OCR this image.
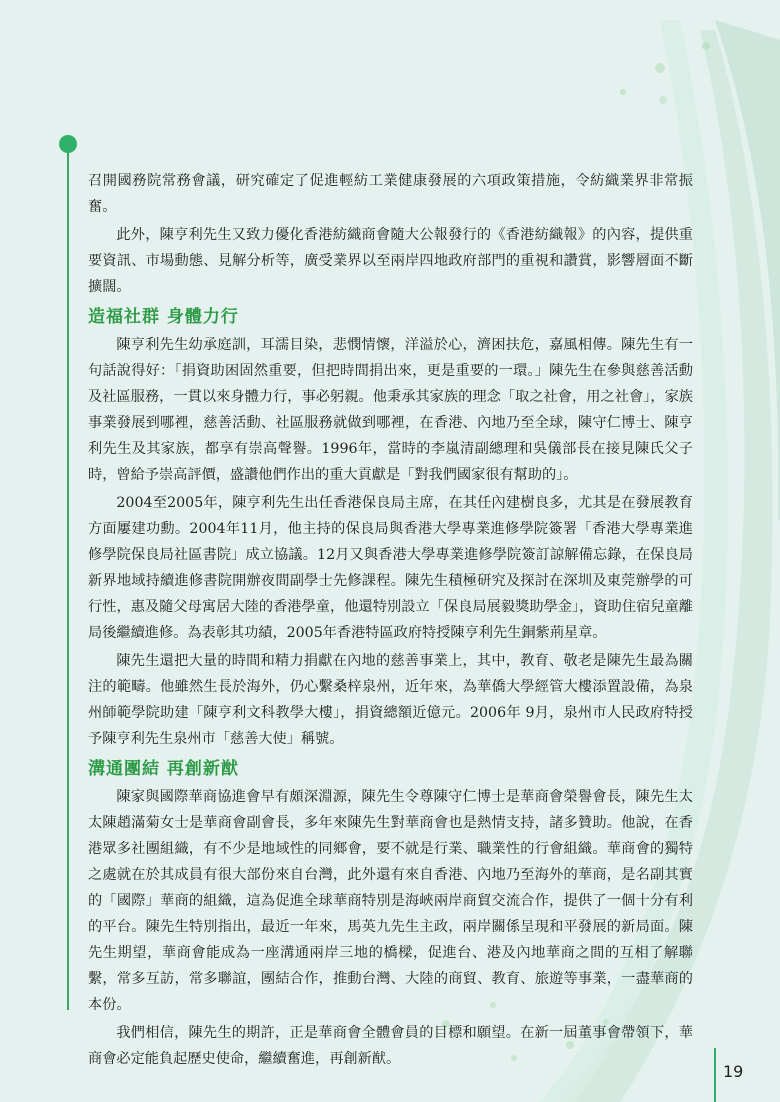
召開國務院常務會議，研究確定了促進輕紡工業健康發展的六項政策措施，令紡織業界非常振奮。

此外，陳亨利先生又致力優化香港紡織商會隨大公報發行的《香港紡織報》的內容，提供重要資訊、市場動態、見解分析等，廣受業界以至兩岸四地政府部門的重視和讚賞，影響層面不斷擴闊。

造福社群 身體力行

陳亨利先生幼承庭訓，耳濡目染，悲憫情懷，洋溢於心，濟困扶危，嘉風相傳。陳先生有一句話說得好：「捐資助困固然重要，但把時間捐出來，更是重要的一環。」陳先生在參與慈善活動及社區服務，一貫以來身體力行，事必躬親。他秉承其家族的理念「取之社會，用之社會」，家族事業發展到哪裡，慈善活動、社區服務就做到哪裡，在香港、內地乃至全球，陳守仁博士、陳亨利先生及其家族，都享有崇高聲譽。1996年，當時的李嵐清副總理和吳儀部長在接見陳氏父子時，曾給予崇高評價，盛讚他們作出的重大貢獻是「對我們國家很有幫助的」。

2004至2005年，陳亨利先生出任香港保良局主席，在其任內建樹良多，尤其是在發展教育方面屢建功勳。2004年11月，他主持的保良局與香港大學專業進修學院簽署「香港大學專業進修學院保良局社區書院」成立協議。12月又與香港大學專業進修學院簽訂諒解備忘錄，在保良局新界地域持續進修書院開辦夜間副學士先修課程。陳先生積極研究及探討在深圳及東莞辦學的可行性，惠及隨父母寓居大陸的香港學童，他還特別設立「保良局展毅獎助學金」，資助住宿兒童離局後繼續進修。為表彰其功績，2005年香港特區政府特授陳亨利先生銅紫荊星章。

陳先生還把大量的時間和精力捐獻在內地的慈善事業上，其中，教育、敬老是陳先生最為關注的範疇。他雖然生長於海外，仍心繫桑梓泉州，近年來，為華僑大學經管大樓添置設備，為泉州師範學院助建「陳亨利文科教學大樓」，捐資總額近億元。2006年 9月，泉州市人民政府特授予陳亨利先生泉州市「慈善大使」稱號。

溝通團結 再創新猷

陳家與國際華商協進會早有頗深淵源，陳先生令尊陳守仁博士是華商會榮譽會長，陳先生太太陳趙滿菊女士是華商會副會長，多年來陳先生對華商會也是熱情支持，諸多贊助。他說，在香港眾多社團組織，有不少是地域性的同鄉會，要不就是行業、職業性的行會組織。華商會的獨特之處就在於其成員有很大部份來自台灣，此外還有來自香港、內地乃至海外的華商，是名副其實的「國際」華商的組織，這為促進全球華商特別是海峽兩岸商貿交流合作，提供了一個十分有利的平台。陳先生特別指出，最近一年來，馬英九先生主政，兩岸關係呈現和平發展的新局面。陳先生期望，華商會能成為一座溝通兩岸三地的橋樑，促進台、港及內地華商之間的互相了解聯繫，常多互訪，常多聯誼，團結合作，推動台灣、大陸的商貿、教育、旅遊等事業，一盡華商的本份。

我們相信，陳先生的期許，正是華商會全體會員的目標和願望。在新一屆董事會帶領下，華商會必定能負起歷史使命，繼續奮進，再創新猷。

19
